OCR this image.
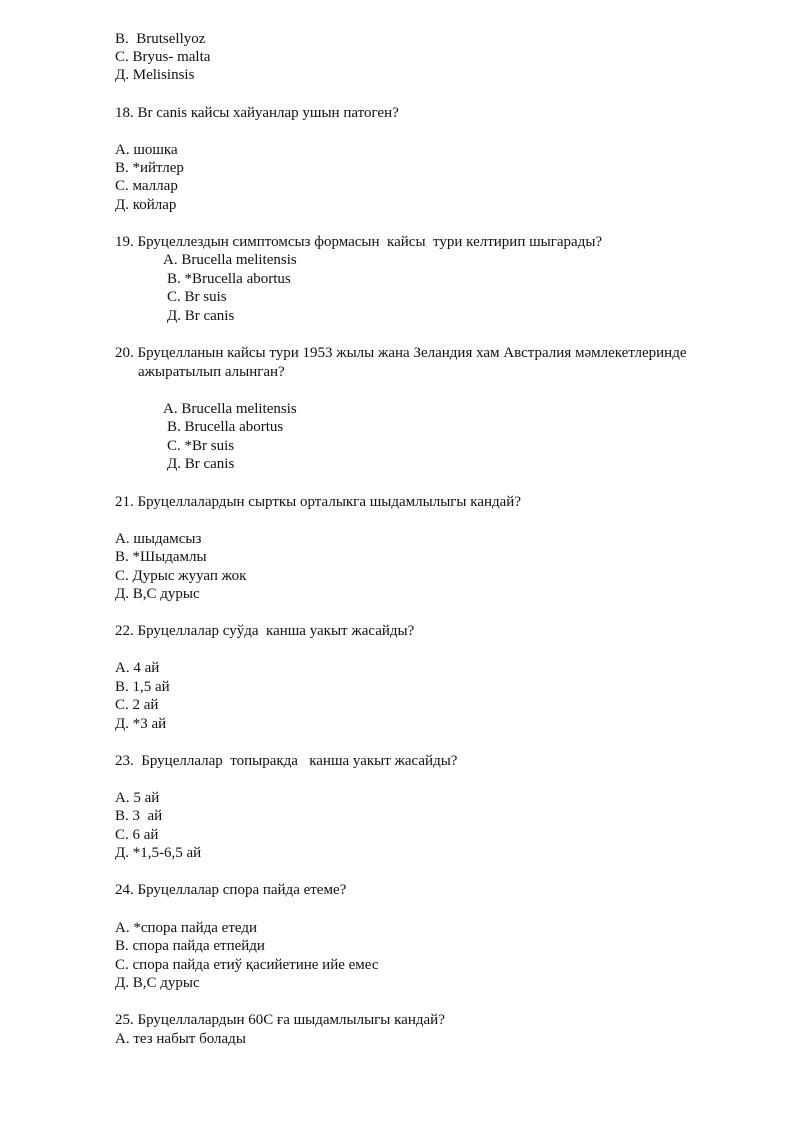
B.  Brutsellyoz
C. Bryus- malta
Д. Melisinsis
18. Br canis кайсы хайуанлар ушын патоген?
A. шошка
B. *ийтлер
C. маллар
Д. койлар
19. Бруцеллездын симптомсыз формасын  кайсы  тури келтирип шыгарады?
A. Brucella melitensis
B. *Brucella abortus
C. Br suis
Д. Br canis
20. Бруцелланын кайсы тури 1953 жылы жана Зеландия хам Австралия мәмлекетлеринде
ажыратылып алынган?
A. Brucella melitensis
B. Brucella abortus
C. *Br suis
Д. Br canis
21. Бруцеллалардын сырткы орталыкга шыдамлылыгы кандай?
A. шыдамсыз
B. *Шыдамлы
C. Дурыс жууап жок
Д. B,C дурыс
22. Бруцеллалар суўда  канша уакыт жасайды?
A. 4 ай
B. 1,5 ай
C. 2 ай
Д. *3 ай
23.  Бруцеллалар  топыракда   канша уакыт жасайды?
A. 5 ай
B. 3  ай
C. 6 ай
Д. *1,5-6,5 ай
24. Бруцеллалар спора пайда етеме?
A. *спора пайда етеди
B. спора пайда етпейди
C. спора пайда етиў қасийетине ийе емес
Д. B,C дурыс
25. Бруцеллалардын 60С ға шыдамлылыгы кандай?
A. тез набыт болады
